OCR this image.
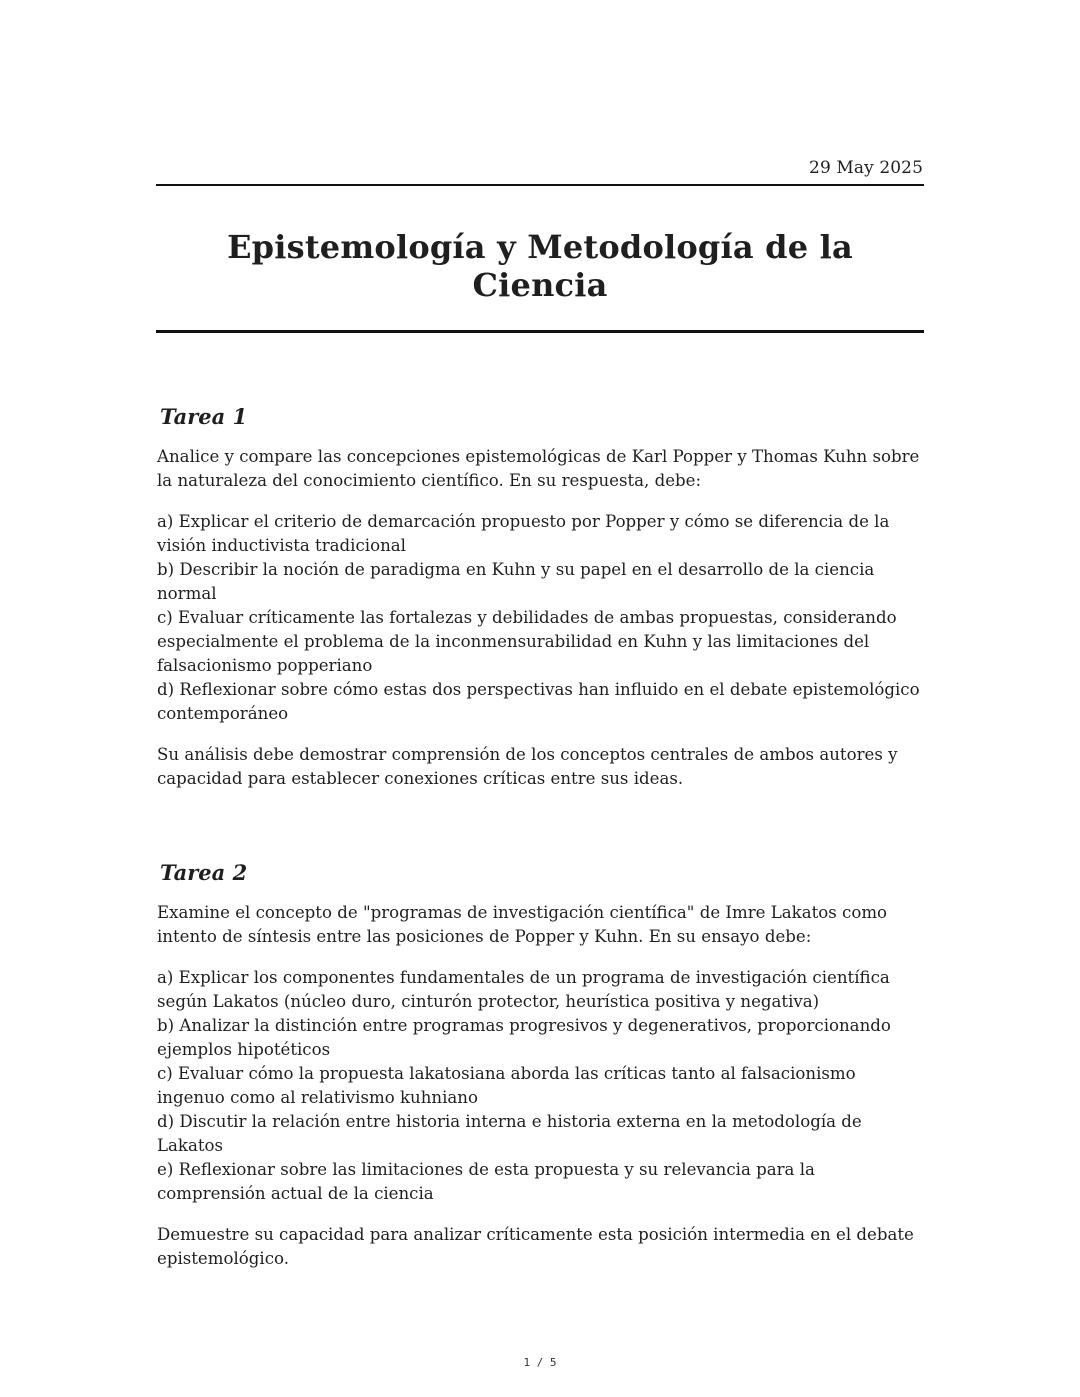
29 May 2025
Epistemología y Metodología de la Ciencia
Tarea 1

Analice y compare las concepciones epistemológicas de Karl Popper y Thomas Kuhn sobre la naturaleza del conocimiento científico. En su respuesta, debe:

a) Explicar el criterio de demarcación propuesto por Popper y cómo se diferencia de la visión inductivista tradicional
b) Describir la noción de paradigma en Kuhn y su papel en el desarrollo de la ciencia normal
c) Evaluar críticamente las fortalezas y debilidades de ambas propuestas, considerando especialmente el problema de la inconmensurabilidad en Kuhn y las limitaciones del falsacionismo popperiano
d) Reflexionar sobre cómo estas dos perspectivas han influido en el debate epistemológico contemporáneo

Su análisis debe demostrar comprensión de los conceptos centrales de ambos autores y capacidad para establecer conexiones críticas entre sus ideas.

Tarea 2

Examine el concepto de "programas de investigación científica" de Imre Lakatos como intento de síntesis entre las posiciones de Popper y Kuhn. En su ensayo debe:

a) Explicar los componentes fundamentales de un programa de investigación científica según Lakatos (núcleo duro, cinturón protector, heurística positiva y negativa)
b) Analizar la distinción entre programas progresivos y degenerativos, proporcionando ejemplos hipotéticos
c) Evaluar cómo la propuesta lakatosiana aborda las críticas tanto al falsacionismo ingenuo como al relativismo kuhniano
d) Discutir la relación entre historia interna e historia externa en la metodología de Lakatos
e) Reflexionar sobre las limitaciones de esta propuesta y su relevancia para la comprensión actual de la ciencia

Demuestre su capacidad para analizar críticamente esta posición intermedia en el debate epistemológico.

1 / 5
